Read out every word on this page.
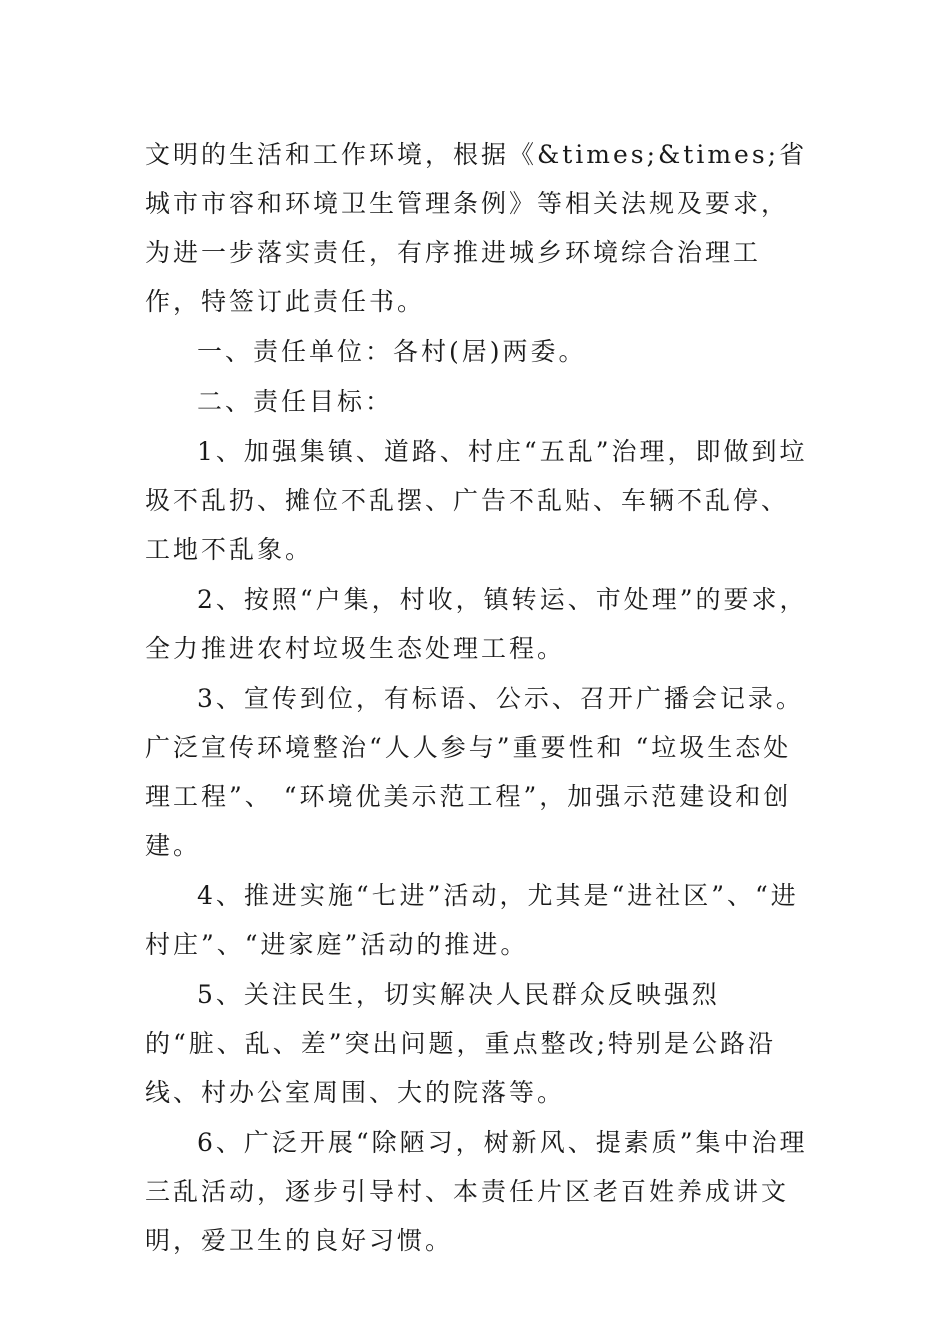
文明的生活和工作环境，根据《&times;&times;省城市市容和环境卫生管理条例》等相关法规及要求，为进一步落实责任，有序推进城乡环境综合治理工作，特签订此责任书。

一、责任单位：各村(居)两委。

二、责任目标：

1、加强集镇、道路、村庄“五乱”治理，即做到垃圾不乱扔、摊位不乱摆、广告不乱贴、车辆不乱停、工地不乱象。

2、按照“户集，村收，镇转运、市处理”的要求，全力推进农村垃圾生态处理工程。

3、宣传到位，有标语、公示、召开广播会记录。广泛宣传环境整治“人人参与”重要性和 “垃圾生态处理工程”、 “环境优美示范工程”，加强示范建设和创建。

4、推进实施“七进”活动，尤其是“进社区”、“进村庄”、“进家庭”活动的推进。

5、关注民生，切实解决人民群众反映强烈的“脏、乱、差”突出问题，重点整改;特别是公路沿线、村办公室周围、大的院落等。

6、广泛开展“除陋习，树新风、提素质”集中治理三乱活动，逐步引导村、本责任片区老百姓养成讲文明，爱卫生的良好习惯。
